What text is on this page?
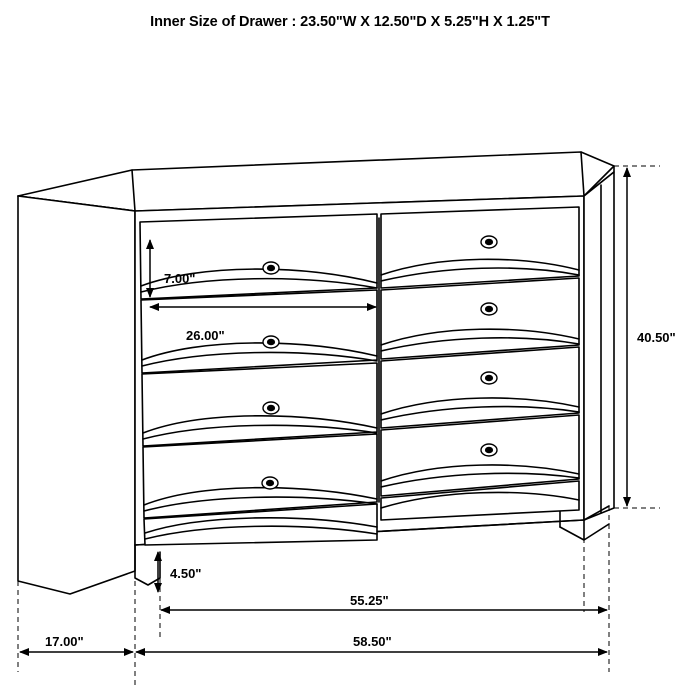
Inner Size of Drawer : 23.50"W X 12.50"D X 5.25"H X 1.25"T
7.00"
26.00"	40.50"
4.50"
55.25"
58.50"
17.00"
